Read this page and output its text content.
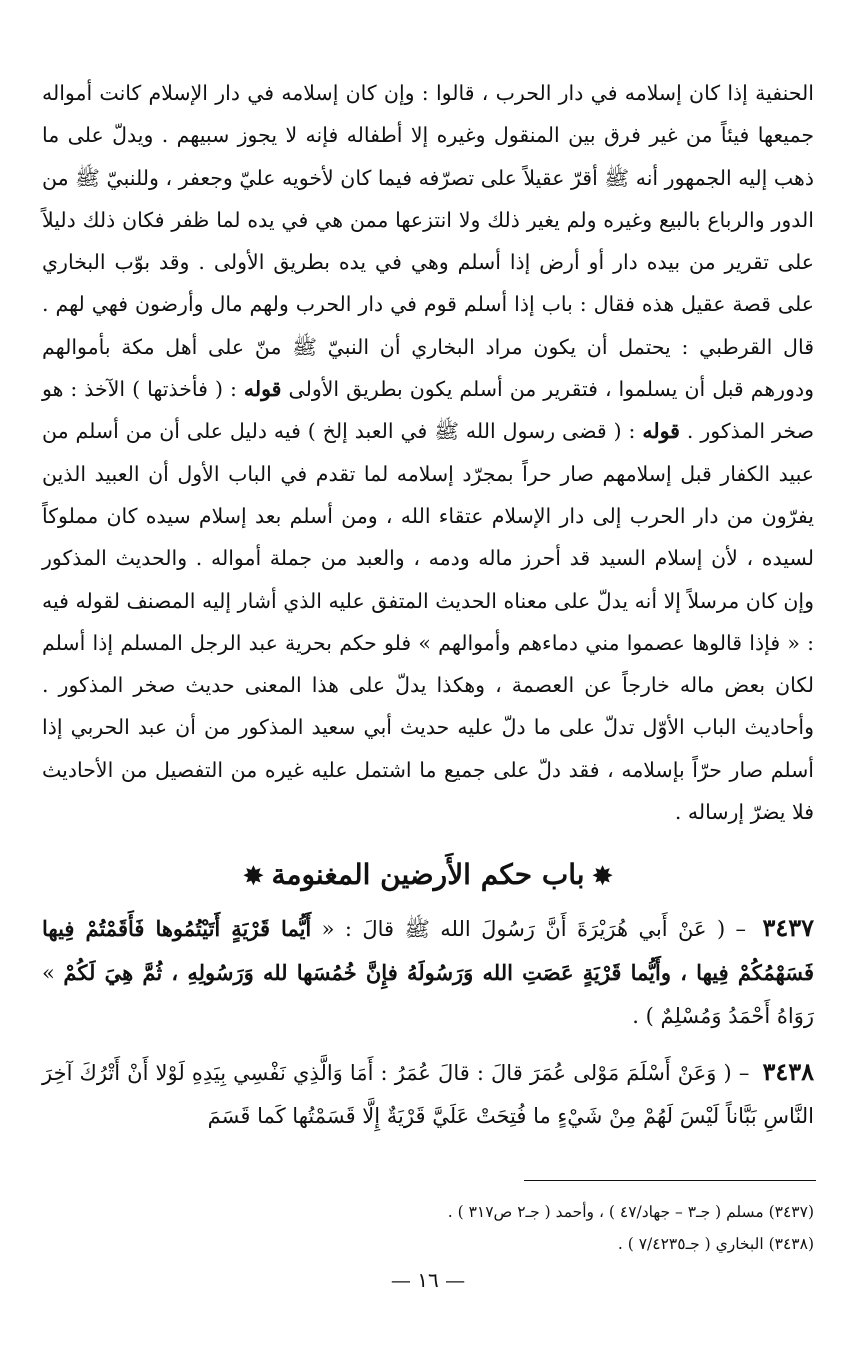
الحنفية إذا كان إسلامه في دار الحرب ، قالوا : وإن كان إسلامه في دار الإسلام كانت أمواله جميعها فيئاً من غير فرق بين المنقول وغيره إلا أطفاله فإنه لا يجوز سبيهم . ويدلّ على ما ذهب إليه الجمهور أنه ﷺ أقرّ عقيلاً على تصرّفه فيما كان لأخويه عليّ وجعفر ، وللنبيّ ﷺ من الدور والرباع بالبيع وغيره ولم يغير ذلك ولا انتزعها ممن هي في يده لما ظفر فكان ذلك دليلاً على تقرير من بيده دار أو أرض إذا أسلم وهي في يده بطريق الأولى . وقد بوّب البخاري على قصة عقيل هذه فقال : باب إذا أسلم قوم في دار الحرب ولهم مال وأرضون فهي لهم . قال القرطبي : يحتمل أن يكون مراد البخاري أن النبيّ ﷺ منّ على أهل مكة بأموالهم ودورهم قبل أن يسلموا ، فتقرير من أسلم يكون بطريق الأولى قوله : ( فأخذتها ) الآخذ : هو صخر المذكور . قوله : ( قضى رسول الله ﷺ في العبد إلخ ) فيه دليل على أن من أسلم من عبيد الكفار قبل إسلامهم صار حراً بمجرّد إسلامه لما تقدم في الباب الأول أن العبيد الذين يفرّون من دار الحرب إلى دار الإسلام عتقاء الله ، ومن أسلم بعد إسلام سيده كان مملوكاً لسيده ، لأن إسلام السيد قد أحرز ماله ودمه ، والعبد من جملة أمواله . والحديث المذكور وإن كان مرسلاً إلا أنه يدلّ على معناه الحديث المتفق عليه الذي أشار إليه المصنف لقوله فيه : « فإذا قالوها عصموا مني دماءهم وأموالهم » فلو حكم بحرية عبد الرجل المسلم إذا أسلم لكان بعض ماله خارجاً عن العصمة ، وهكذا يدلّ على هذا المعنى حديث صخر المذكور . وأحاديث الباب الأوّل تدلّ على ما دلّ عليه حديث أبي سعيد المذكور من أن عبد الحربي إذا أسلم صار حرّاً بإسلامه ، فقد دلّ على جميع ما اشتمل عليه غيره من التفصيل من الأحاديث فلا يضرّ إرساله .

✸باب حكم الأَرضين المغنومة✸

٣٤٣٧ – ( عَنْ أَبي هُرَيْرَةَ أَنَّ رَسُولَ الله ﷺ قالَ : « أَيُّما قَرْيَةٍ أَتَيْتُمُوها فَأَقَمْتُمْ فِيها فَسَهْمُكُمْ فِيها ، وأَيُّما قَرْيَةٍ عَصَتِ الله وَرَسُولَهُ فإِنَّ خُمُسَها لله وَرَسُولِهِ ، ثُمَّ هِيَ لَكُمْ » رَوَاهُ أَحْمَدُ وَمُسْلِمٌ ) .

٣٤٣٨ – ( وَعَنْ أَسْلَمَ مَوْلى عُمَرَ قالَ : قالَ عُمَرُ : أَمَا وَالَّذِي نَفْسِي بِيَدِهِ لَوْلا أَنْ أَتْرُكَ آخِرَ النَّاسِ بَبَّاناً لَيْسَ لَهُمْ مِنْ شَيْءٍ ما فُتِحَتْ عَلَيَّ قَرْيَةٌ إِلَّا قَسَمْتُها كَما قَسَمَ

(٣٤٣٧) مسلم ( جـ٣ – جهاد/٤٧ ) ، وأحمد ( جـ٢ ص٣١٧ ) .

(٣٤٣٨) البخاري ( جـ٧/٤٢٣٥ ) .

— ١٦ —
